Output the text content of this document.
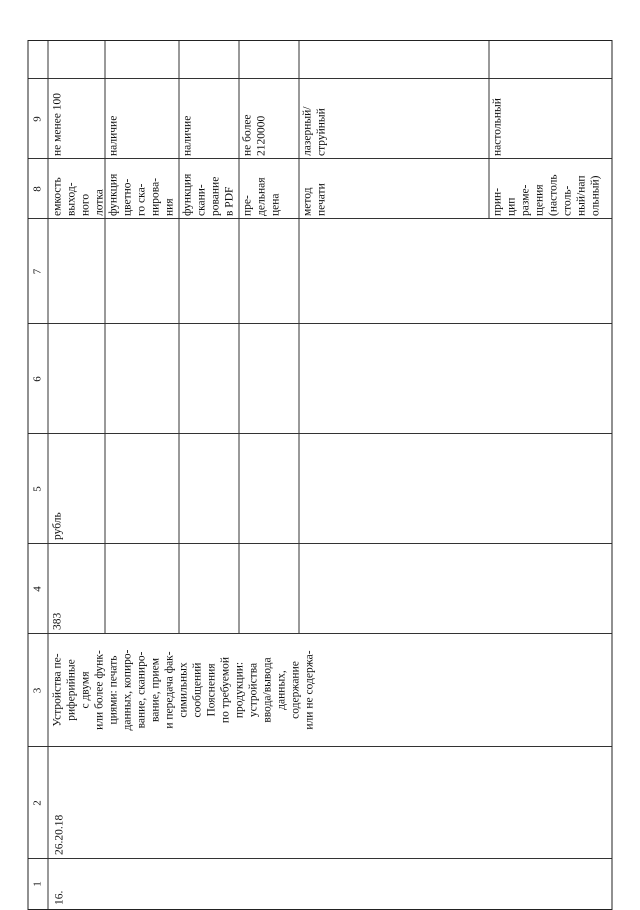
1
2
3
4
5
6
7
8
9
16.
26.20.18
Устройства пе- риферийные с двумя или более функ- циями: печать данных, копиро- вание, сканиро- вание, прием и передача фак- симильных сообщений Пояснения по требуемой продукции: устройства ввода/вывода данных, содержание или не содержа-
383
рубль
емкость выход- ного лотка
не менее 100
функция цветно- го ска- нирова- ния
наличие
функция скани- рование в PDF
наличие
пре- дельная цена
не более 2120000
метод печати
лазерный/ струйный
прин- цип разме- щения (настоль столь- ный/нап ольный)
настольный
